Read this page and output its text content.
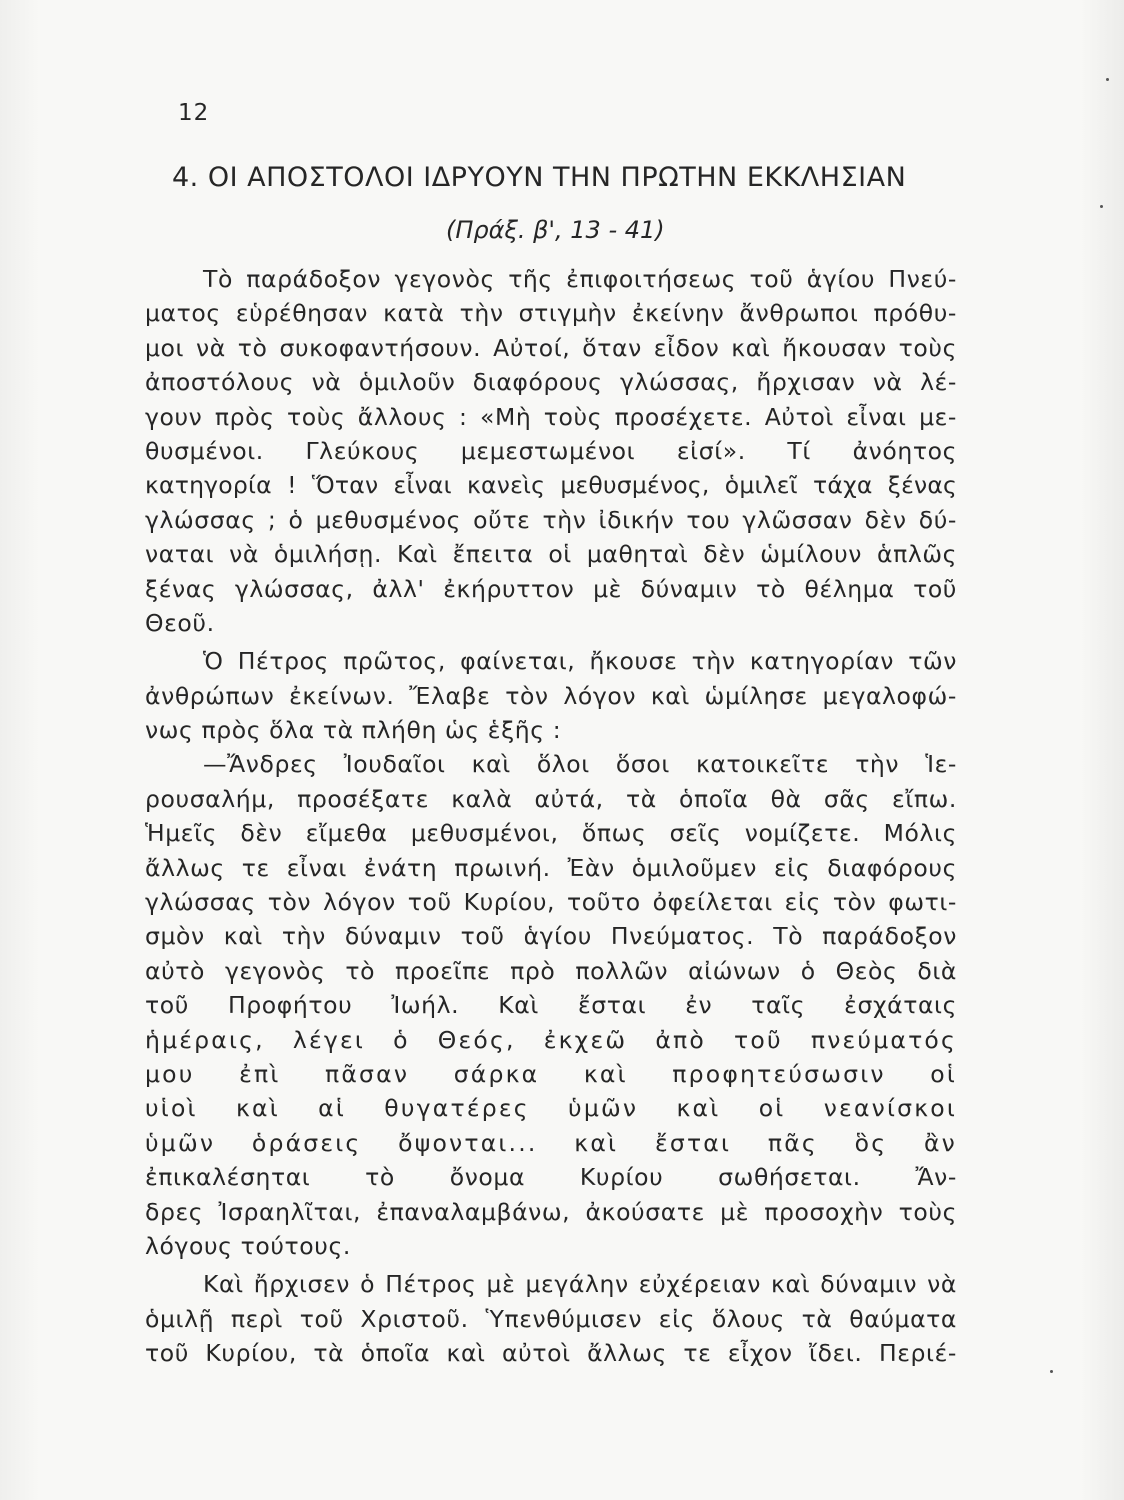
12
4. ΟΙ ΑΠΟΣΤΟΛΟΙ ΙΔΡΥΟΥΝ ΤΗΝ ΠΡΩΤΗΝ ΕΚΚΛΗΣΙΑΝ
(Πράξ. β', 13 - 41)
Τὸ παράδοξον γεγονὸς τῆς ἐπιφοιτήσεως τοῦ ἁγίου Πνεύ-
ματος εὑρέθησαν κατὰ τὴν στιγμὴν ἐκείνην ἄνθρωποι πρόθυ-
μοι νὰ τὸ συκοφαντήσουν. Αὐτοί, ὅταν εἶδον καὶ ἤκουσαν τοὺς
ἀποστόλους νὰ ὁμιλοῦν διαφόρους γλώσσας, ἤρχισαν νὰ λέ-
γουν πρὸς τοὺς ἄλλους : «Μὴ τοὺς προσέχετε. Αὐτοὶ εἶναι με-
θυσμένοι. Γλεύκους μεμεστωμένοι εἰσί». Τί ἀνόητος
κατηγορία ! Ὅταν εἶναι κανεὶς μεθυσμένος, ὁμιλεῖ τάχα ξένας
γλώσσας ; ὁ μεθυσμένος οὔτε τὴν ἰδικήν του γλῶσσαν δὲν δύ-
ναται νὰ ὁμιλήσῃ. Καὶ ἔπειτα οἱ μαθηταὶ δὲν ὡμίλουν ἁπλῶς
ξένας γλώσσας, ἀλλ' ἐκήρυττον μὲ δύναμιν τὸ θέλημα τοῦ
Θεοῦ.
Ὁ Πέτρος πρῶτος, φαίνεται, ἤκουσε τὴν κατηγορίαν τῶν
ἀνθρώπων ἐκείνων. Ἔλαβε τὸν λόγον καὶ ὡμίλησε μεγαλοφώ-
νως πρὸς ὅλα τὰ πλήθη ὡς ἑξῆς :
—Ἄνδρες Ἰουδαῖοι καὶ ὅλοι ὅσοι κατοικεῖτε τὴν Ἱε-
ρουσαλήμ, προσέξατε καλὰ αὐτά, τὰ ὁποῖα θὰ σᾶς εἴπω.
Ἡμεῖς δὲν εἴμεθα μεθυσμένοι, ὅπως σεῖς νομίζετε. Μόλις
ἄλλως τε εἶναι ἐνάτη πρωινή. Ἐὰν ὁμιλοῦμεν εἰς διαφόρους
γλώσσας τὸν λόγον τοῦ Κυρίου, τοῦτο ὀφείλεται εἰς τὸν φωτι-
σμὸν καὶ τὴν δύναμιν τοῦ ἁγίου Πνεύματος. Τὸ παράδοξον
αὐτὸ γεγονὸς τὸ προεῖπε πρὸ πολλῶν αἰώνων ὁ Θεὸς διὰ
τοῦ Προφήτου Ἰωήλ. Καὶ ἔσται ἐν ταῖς ἐσχάταις
ἡμέραις, λέγει ὁ Θεός, ἐκχεῶ ἀπὸ τοῦ πνεύματός
μου ἐπὶ πᾶσαν σάρκα καὶ προφητεύσωσιν οἱ
υἱοὶ καὶ αἱ θυγατέρες ὑμῶν καὶ οἱ νεανίσκοι
ὑμῶν ὁράσεις ὄψονται... καὶ ἔσται πᾶς ὃς ἂν
ἐπικαλέσηται τὸ ὄνομα Κυρίου σωθήσεται. Ἄν-
δρες Ἰσραηλῖται, ἐπαναλαμβάνω, ἀκούσατε μὲ προσοχὴν τοὺς
λόγους τούτους.
Καὶ ἤρχισεν ὁ Πέτρος μὲ μεγάλην εὐχέρειαν καὶ δύναμιν νὰ
ὁμιλῇ περὶ τοῦ Χριστοῦ. Ὑπενθύμισεν εἰς ὅλους τὰ θαύματα
τοῦ Κυρίου, τὰ ὁποῖα καὶ αὐτοὶ ἄλλως τε εἶχον ἴδει. Περιέ-
